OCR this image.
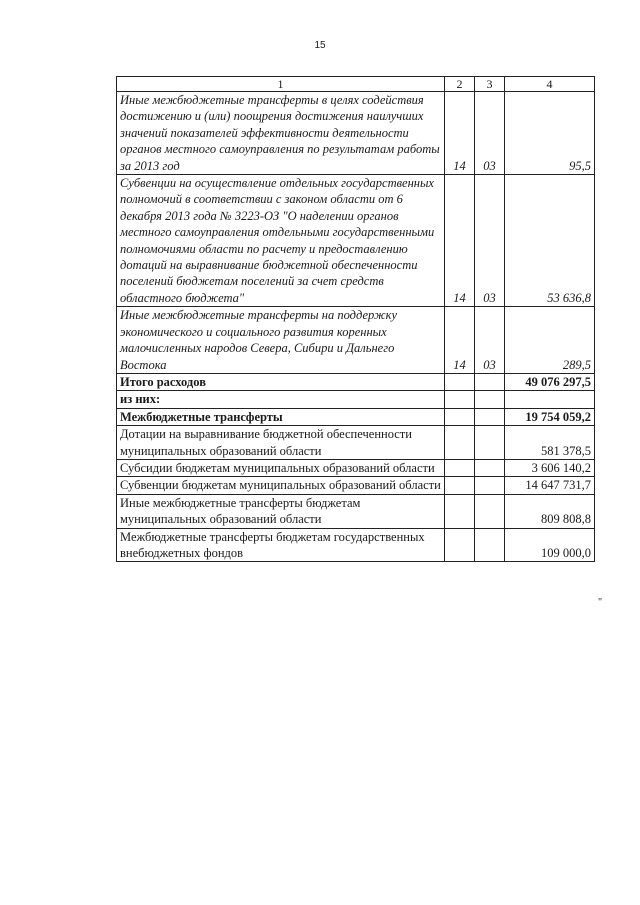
15
1	2	3	4
Иные межбюджетные трансферты в целях содействия достижению и (или) поощрения достижения наилучших значений показателей эффективности деятельности органов местного самоуправления по результатам работы за 2013 год	14	03	95,5
Субвенции на осуществление отдельных государственных полномочий в соответствии с законом области от 6 декабря 2013 года № 3223-ОЗ "О наделении органов местного самоуправления отдельными государственными полномочиями области по расчету и предоставлению дотаций на выравнивание бюджетной обеспеченности поселений бюджетам поселений за счет средств областного бюджета"	14	03	53 636,8
Иные межбюджетные трансферты на поддержку экономического и социального развития коренных малочисленных народов Севера, Сибири и Дальнего Востока	14	03	289,5
Итого расходов			49 076 297,5
из них:			
Межбюджетные трансферты			19 754 059,2
Дотации на выравнивание бюджетной обеспеченности муниципальных образований области			581 378,5
Субсидии бюджетам муниципальных образований области			3 606 140,2
Субвенции бюджетам муниципальных образований области			14 647 731,7
Иные межбюджетные трансферты бюджетам муниципальных образований области			809 808,8
Межбюджетные трансферты бюджетам государственных внебюджетных фондов			109 000,0
"
